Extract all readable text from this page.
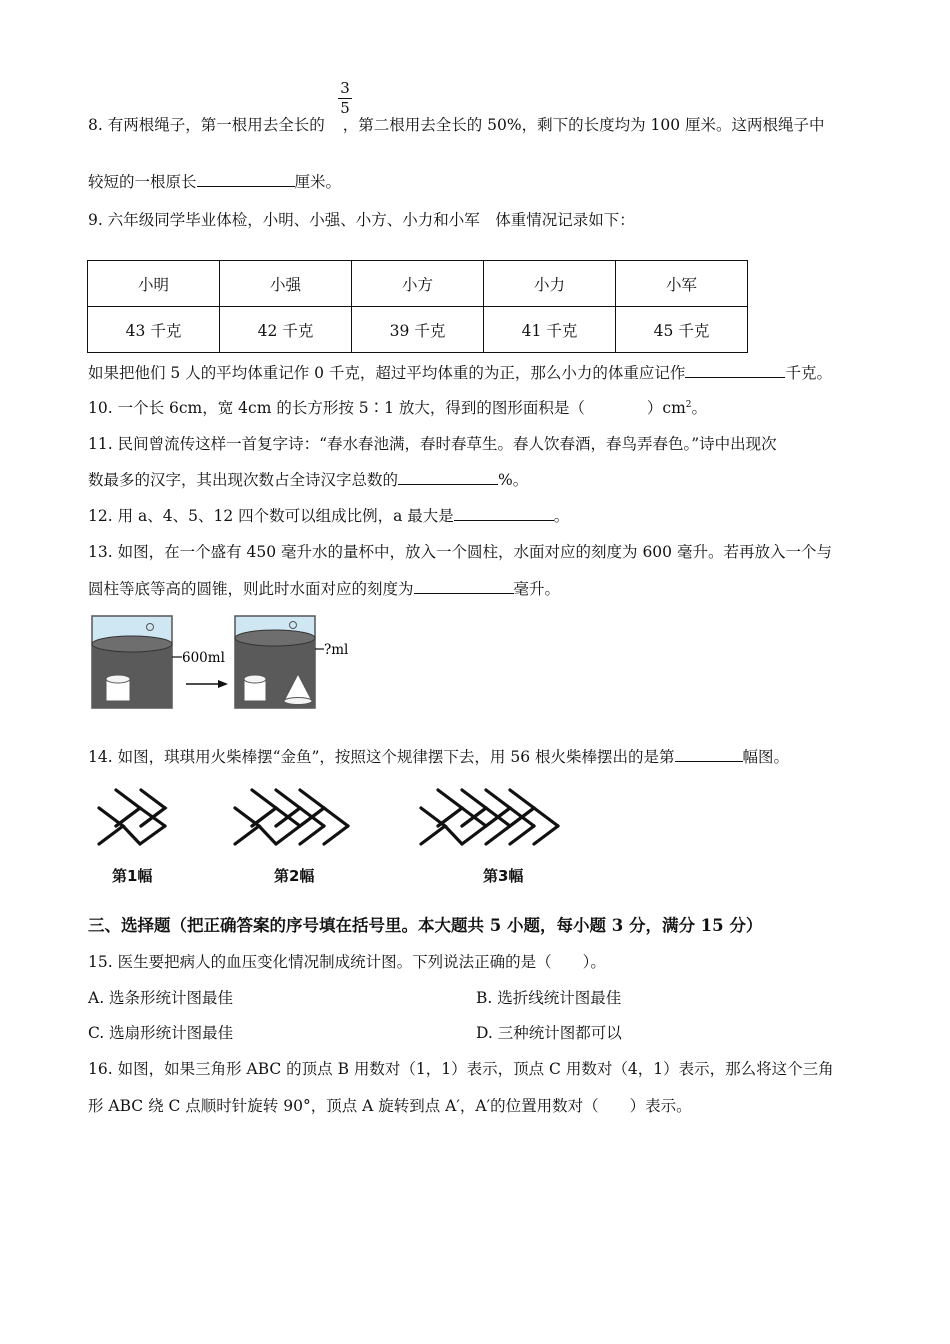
3
5
8. 有两根绳子，第一根用去全长的 ，第二根用去全长的 50%，剩下的长度均为 100 厘米。这两根绳子中
较短的一根原长	厘米。
9. 六年级同学毕业体检，小明、小强、小方、小力和小军　体重情况记录如下：
小明	小强	小方	小力	小军
43 千克	42 千克	39 千克	41 千克	45 千克
如果把他们 5 人的平均体重记作 0 千克，超过平均体重的为正，那么小力的体重应记作	千克。
10. 一个长 6cm，宽 4cm 的长方形按 5∶1 放大，得到的图形面积是（　　　　）$cm^2$。
11. 民间曾流传这样一首复字诗：“春水春池满，春时春草生。春人饮春酒，春鸟弄春色。”诗中出现次
数最多的汉字，其出现次数占全诗汉字总数的	%。
12. 用 a、4、5、12 四个数可以组成比例，a 最大是	。
13. 如图，在一个盛有 450 毫升水的量杯中，放入一个圆柱，水面对应的刻度为 600 毫升。若再放入一个与
圆柱等底等高的圆锥，则此时水面对应的刻度为	毫升。
600ml	?ml
14. 如图，琪琪用火柴棒摆“金鱼”，按照这个规律摆下去，用 56 根火柴棒摆出的是第	幅图。
第1幅	第2幅	第3幅
三、选择题（把正确答案的序号填在括号里。本大题共 5 小题，每小题 3 分，满分 15 分）
15. 医生要把病人的血压变化情况制成统计图。下列说法正确的是（　　）。
A. 选条形统计图最佳	B. 选折线统计图最佳
C. 选扇形统计图最佳	D. 三种统计图都可以
16. 如图，如果三角形 ABC 的顶点 B 用数对（1，1）表示，顶点 C 用数对（4，1）表示，那么将这个三角
形 ABC 绕 C 点顺时针旋转 90°，顶点 A 旋转到点 A′，A′的位置用数对（　　）表示。
